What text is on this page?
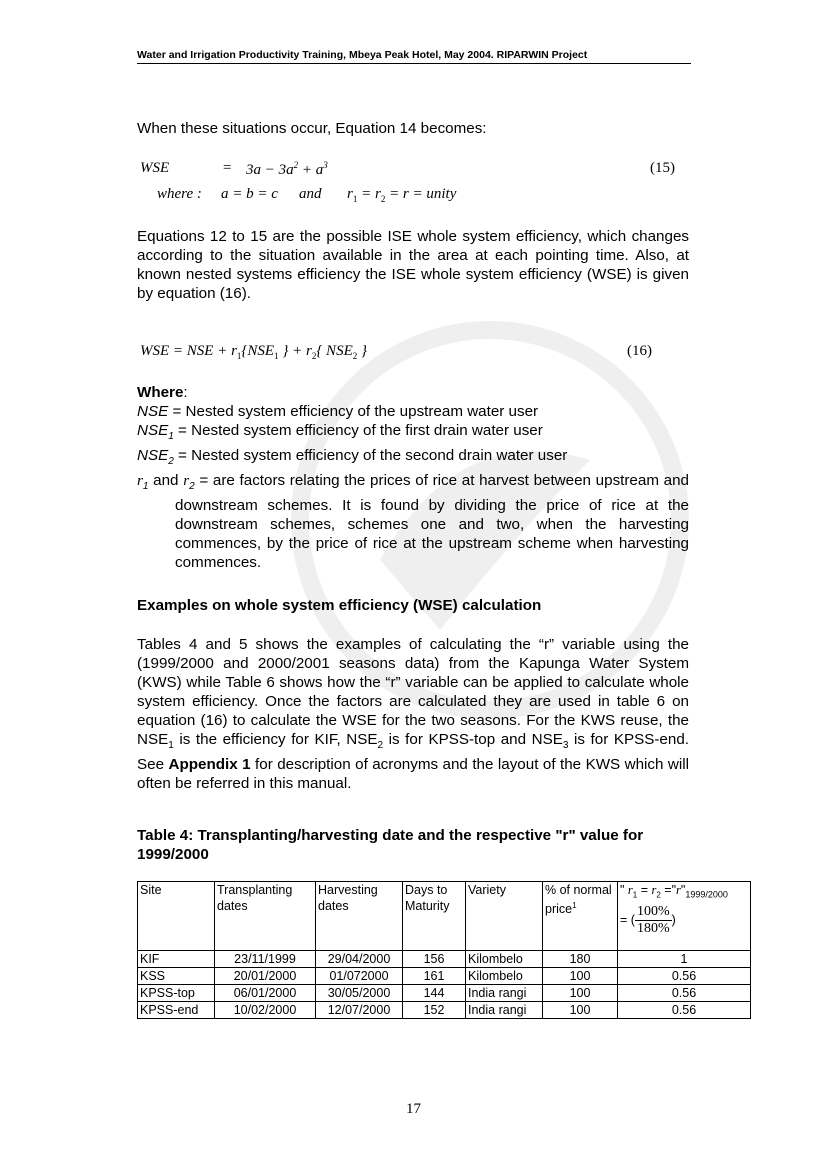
Water and Irrigation Productivity Training, Mbeya Peak Hotel, May 2004. RIPARWIN Project
When these situations occur, Equation 14 becomes:
WSE	= $3a - 3a^2 + a^3$	(15)
where : a = b = c and $r_1 = r_2 = r$ = unity
Equations 12 to 15 are the possible ISE whole system efficiency, which changes according to the situation available in the area at each pointing time. Also, at known nested systems efficiency the ISE whole system efficiency (WSE) is given by equation (16).
WSE = NSE + $r_1\{NSE_1$ } + $r_2${ $NSE_2$ }	(16)
Where:
NSE = Nested system efficiency of the upstream water user
$NSE_1$ = Nested system efficiency of the first drain water user
$NSE_2$ = Nested system efficiency of the second drain water user
$r_1$ and $r_2$ = are factors relating the prices of rice at harvest between upstream and downstream schemes. It is found by dividing the price of rice at the downstream schemes, schemes one and two, when the harvesting commences, by the price of rice at the upstream scheme when harvesting commences.
Examples on whole system efficiency (WSE) calculation
Tables 4 and 5 shows the examples of calculating the “r” variable using the (1999/2000 and 2000/2001 seasons data) from the Kapunga Water System (KWS) while Table 6 shows how the “r” variable can be applied to calculate whole system efficiency. Once the factors are calculated they are used in table 6 on equation (16) to calculate the WSE for the two seasons. For the KWS reuse, the $NSE_1$ is the efficiency for KIF, $NSE_2$ is for KPSS-top and $NSE_3$ is for KPSS-end. See Appendix 1 for description of acronyms and the layout of the KWS which will often be referred in this manual.
Table 4: Transplanting/harvesting date and the respective "r" value for 1999/2000
Site	Transplanting dates	Harvesting dates	Days to Maturity	Variety	% of normal price$^1$	" $r_1 = r_2$ $="r"_{1999/2000}$
= ( $\frac{100\%}{180\%}$ )

KIF	23/11/1999	29/04/2000	156	Kilombelo	180	1
KSS	20/01/2000	01/072000	161	Kilombelo	100	0.56
KPSS-top	06/01/2000	30/05/2000	144	India rangi	100	0.56
KPSS-end	10/02/2000	12/07/2000	152	India rangi	100	0.56
17
